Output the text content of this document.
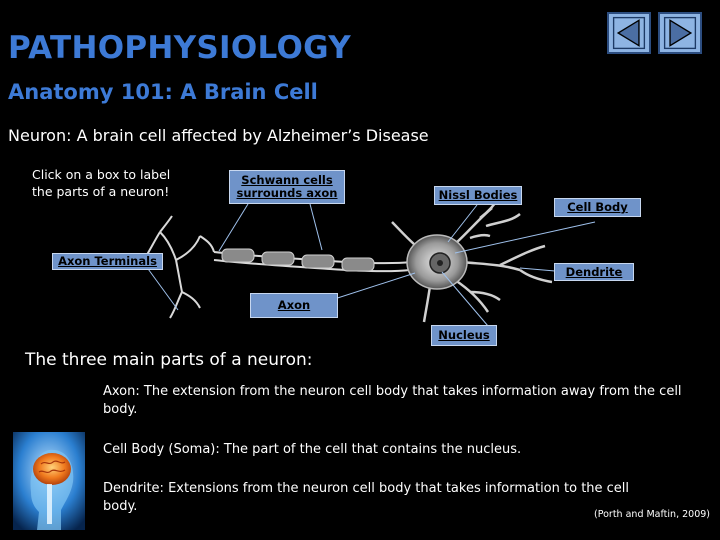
PATHOPHYSIOLOGY
Anatomy 101: A Brain Cell
Neuron: A brain cell affected by Alzheimer’s Disease
Click on a box to label the parts of a neuron!
Schwann cells surrounds axon	Nissl Bodies
Cell Body
Axon Terminals
Dendrite
Axon
Nucleus
The three main parts of a neuron:
Axon: The extension from the neuron cell body that takes information away from the cell body.
Cell Body (Soma): The part of the cell that contains the nucleus.
Dendrite: Extensions from the neuron cell body that takes information to the cell body.
(Porth and Maftin, 2009)
